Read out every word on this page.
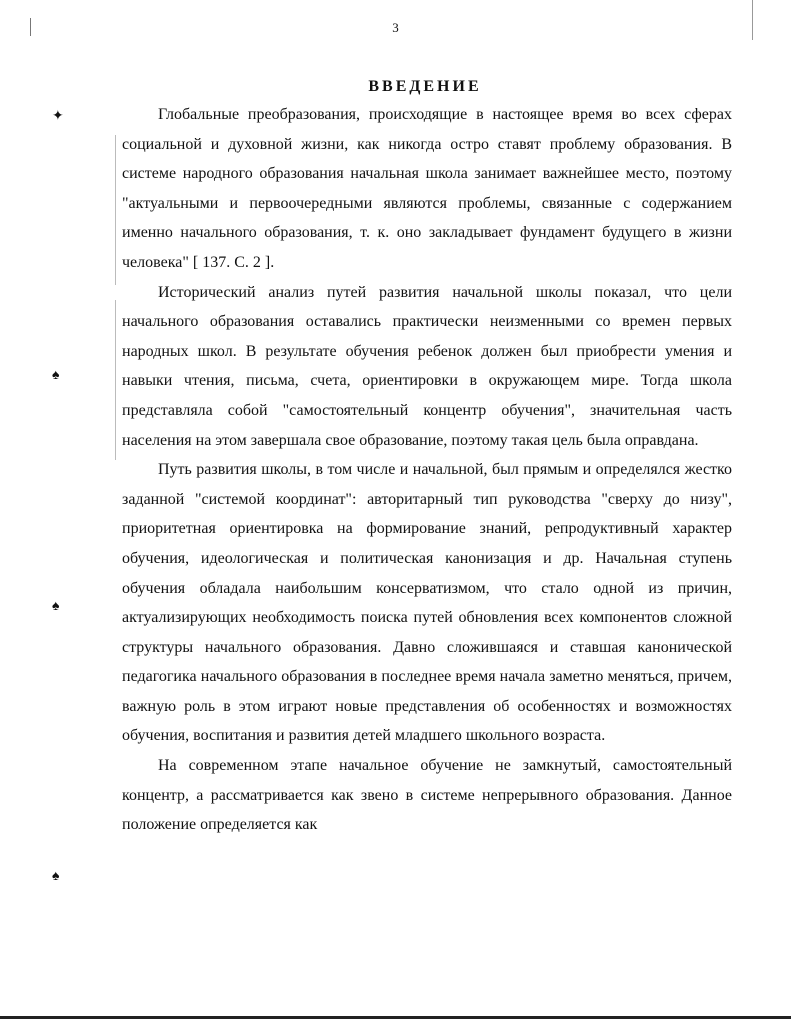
3
ВВЕДЕНИЕ
✦
♠
♠
♠

Глобальные преобразования, происходящие в настоящее время во всех сферах социальной и духовной жизни, как никогда остро ставят проблему образования. В системе народного образования начальная школа занимает важнейшее место, поэтому "актуальными и первоочередными являются проблемы, связанные с содержанием именно начального образования, т. к. оно закладывает фундамент будущего в жизни человека" [ 137. С. 2 ].

Исторический анализ путей развития начальной школы показал, что цели начального образования оставались практически неизменными со времен первых народных школ. В результате обучения ребенок должен был приобрести умения и навыки чтения, письма, счета, ориентировки в окружающем мире. Тогда школа представляла собой "самостоятельный концентр обучения", значительная часть населения на этом завершала свое образование, поэтому такая цель была оправдана.

Путь развития школы, в том числе и начальной, был прямым и определялся жестко заданной "системой координат": авторитарный тип руководства "сверху до низу", приоритетная ориентировка на формирование знаний, репродуктивный характер обучения, идеологическая и политическая канонизация и др. Начальная ступень обучения обладала наибольшим консерватизмом, что стало одной из причин, актуализирующих необходимость поиска путей обновления всех компонентов сложной структуры начального образования. Давно сложившаяся и ставшая канонической педагогика начального образования в последнее время начала заметно меняться, причем, важную роль в этом играют новые представления об особенностях и возможностях обучения, воспитания и развития детей младшего школьного возраста.

На современном этапе начальное обучение не замкнутый, самостоятельный концентр, а рассматривается как звено в системе непрерывного образования. Данное положение определяется как
